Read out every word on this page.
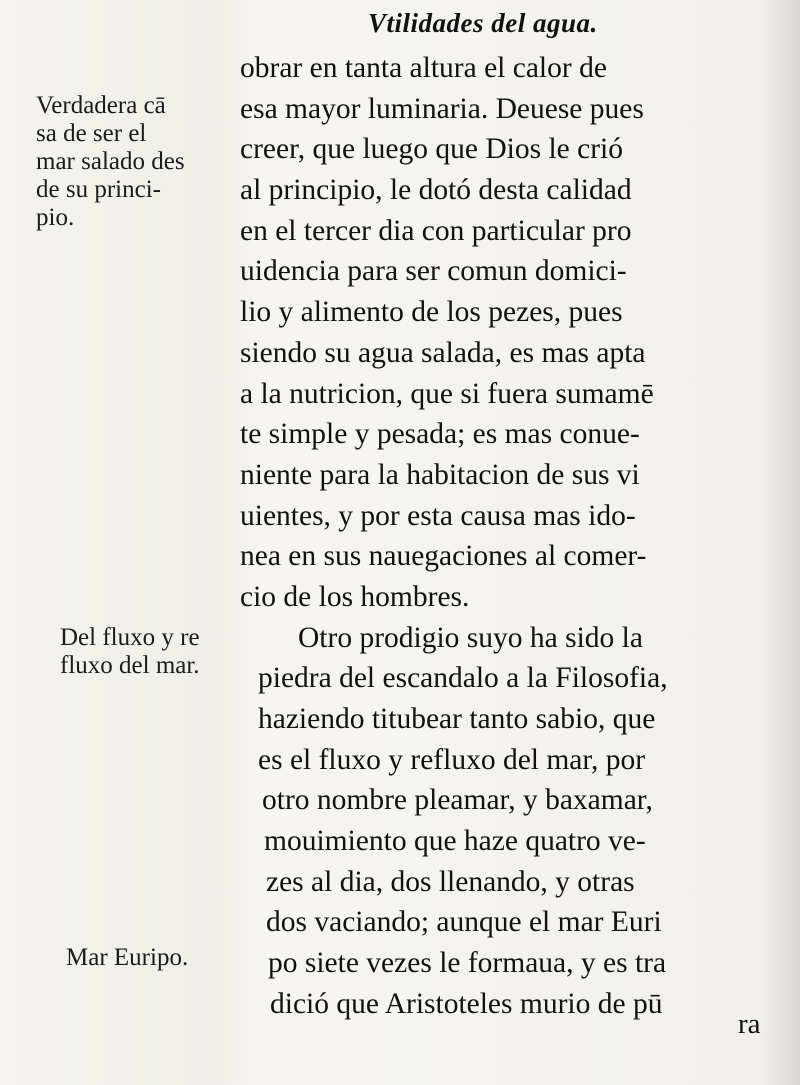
Vtilidades del agua.
obrar en tanta altura el calor de
esa mayor luminaria. Deuese pues
creer, que luego que Dios le crió
al principio, le dotó desta calidad
en el tercer dia con particular pro
uidencia para ser comun domici-
lio y alimento de los pezes, pues
siendo su agua salada, es mas apta
a la nutricion, que si fuera sumamē
te simple y pesada; es mas conue-
niente para la habitacion de sus vi
uientes, y por esta causa mas ido-
nea en sus nauegaciones al comer-
cio de los hombres.
Otro prodigio suyo ha sido la
piedra del escandalo a la Filosofia,
haziendo titubear tanto sabio, que
es el fluxo y refluxo del mar, por
otro nombre pleamar, y baxamar,
mouimiento que haze quatro ve-
zes al dia, dos llenando, y otras
dos vaciando; aunque el mar Euri
po siete vezes le formaua, y es tra
dició que Aristoteles murio de pū
Verdadera cā
sa de ser el
mar salado des
de su princi-
pio.
Del fluxo y re
fluxo del mar.
Mar Euripo.
ra
